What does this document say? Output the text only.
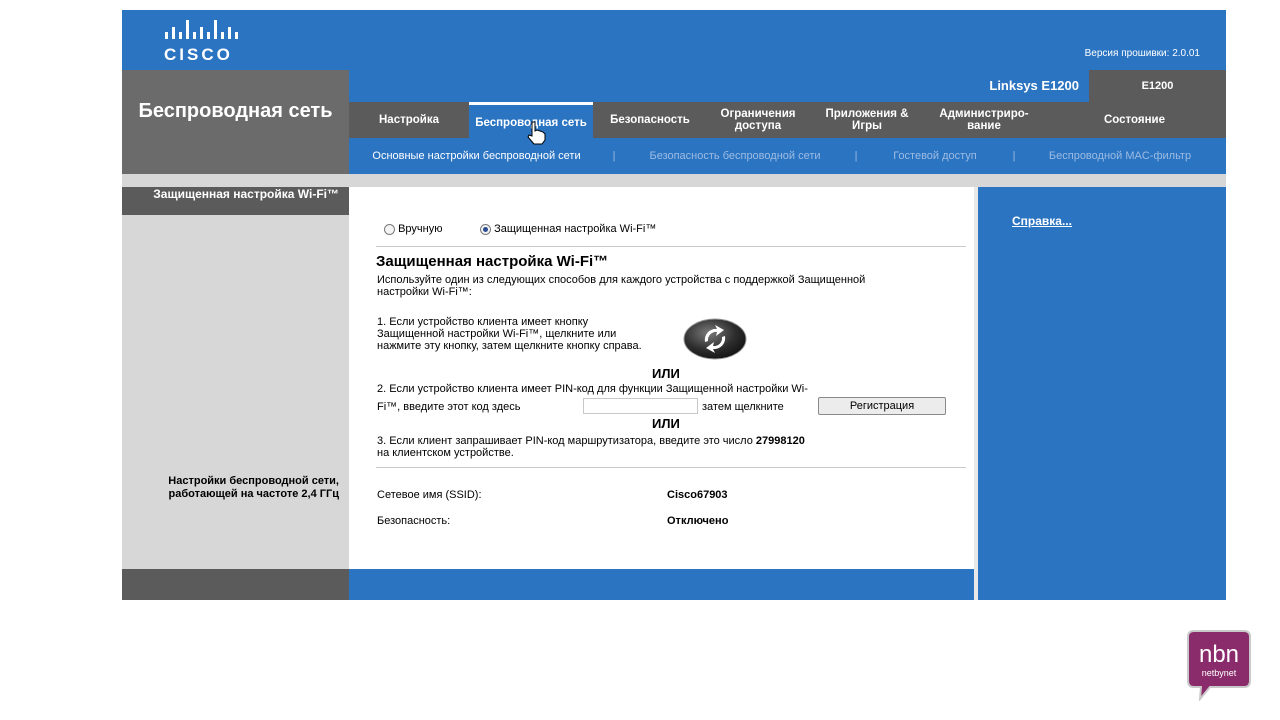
CISCO	Версия прошивки: 2.0.01
Беспроводная сеть
Защищенная настройка Wi-Fi™
Настройки беспроводной сети, работающей на частоте 2,4 ГГц
Linksys E1200	E1200
Настройка	Беспроводная сеть	Безопасность	Ограничения доступа
Приложения & Игры
Администриро-вание	Состояние
Основные настройки беспроводной сети	|	Безопасность беспроводной сети	|	Гостевой доступ	|	Беспроводной MAC-фильтр
Вручную	Защищенная настройка Wi-Fi™
Защищенная настройка Wi-Fi™
Используйте один из следующих способов для каждого устройства с поддержкой Защищенной настройки Wi-Fi™:
1. Если устройство клиента имеет кнопку Защищенной настройки Wi-Fi™, щелкните или нажмите эту кнопку, затем щелкните кнопку справа.
ИЛИ
2. Если устройство клиента имеет PIN-код для функции Защищенной настройки Wi-
Fi™, введите этот код здесь	затем щелкните	Регистрация
ИЛИ
3. Если клиент запрашивает PIN-код маршрутизатора, введите это число 27998120
на клиентском устройстве.
Сетевое имя (SSID):	Cisco67903
Безопасность:	Отключено
Справка...
nbn
netbynet
